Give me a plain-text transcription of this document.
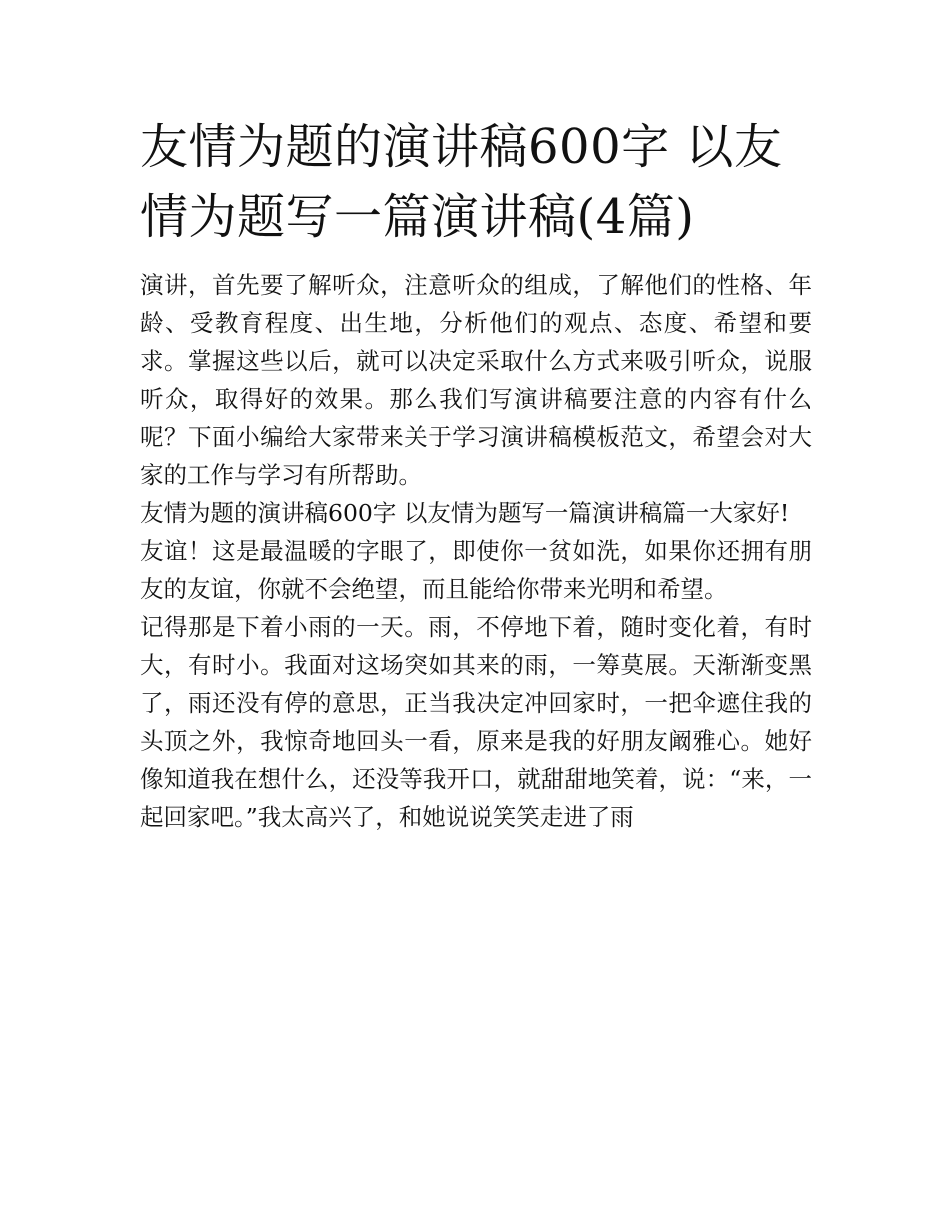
友情为题的演讲稿600字 以友情为题写一篇演讲稿(4篇)

演讲，首先要了解听众，注意听众的组成，了解他们的性格、年龄、受教育程度、出生地，分析他们的观点、态度、希望和要求。掌握这些以后，就可以决定采取什么方式来吸引听众，说服听众，取得好的效果。那么我们写演讲稿要注意的内容有什么呢？下面小编给大家带来关于学习演讲稿模板范文，希望会对大家的工作与学习有所帮助。

友情为题的演讲稿600字 以友情为题写一篇演讲稿篇一大家好!

友谊！这是最温暖的字眼了，即使你一贫如洗，如果你还拥有朋友的友谊，你就不会绝望，而且能给你带来光明和希望。

记得那是下着小雨的一天。雨，不停地下着，随时变化着，有时大，有时小。我面对这场突如其来的雨，一筹莫展。天渐渐变黑了，雨还没有停的意思，正当我决定冲回家时，一把伞遮住我的头顶之外，我惊奇地回头一看，原来是我的好朋友阚雅心。她好像知道我在想什么，还没等我开口，就甜甜地笑着，说：“来，一起回家吧。”我太高兴了，和她说说笑笑走进了雨
